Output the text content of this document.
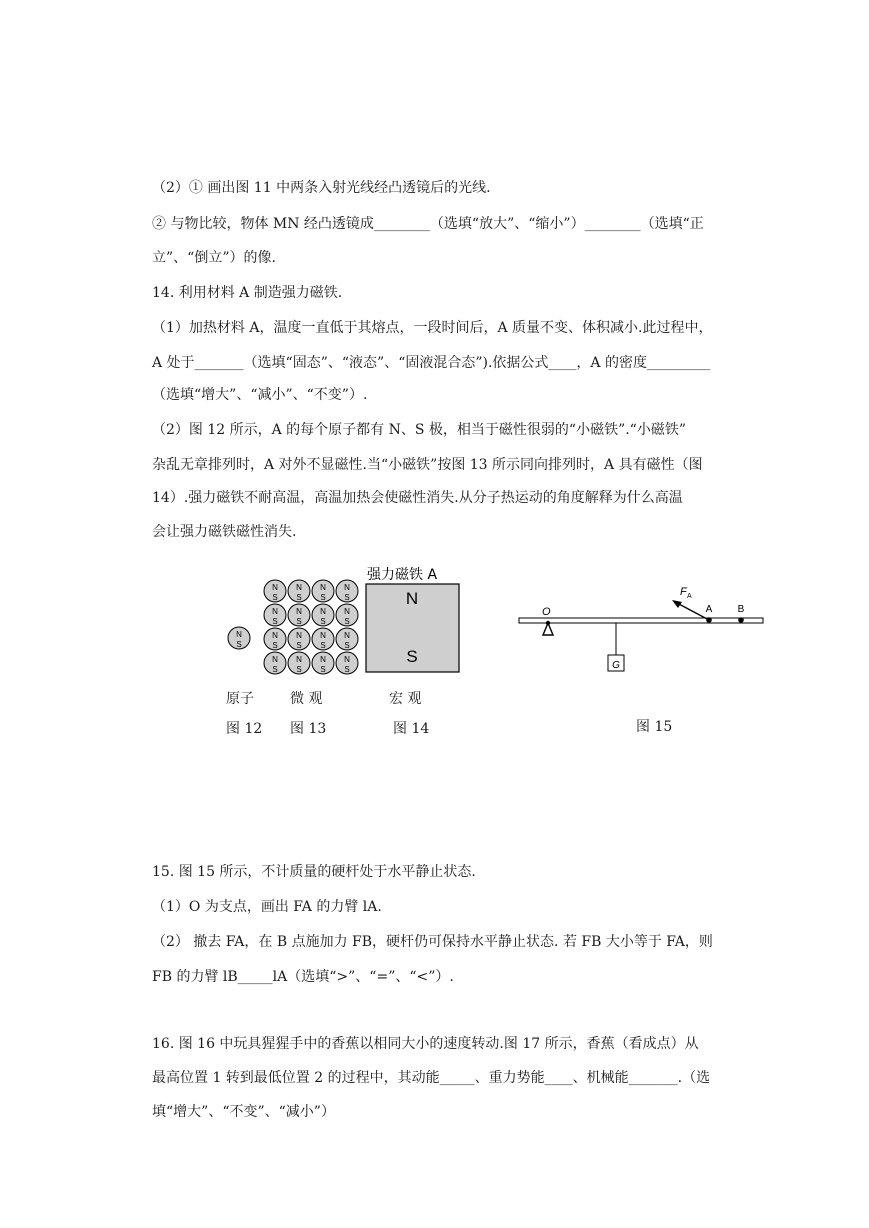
（2）① 画出图 11 中两条入射光线经凸透镜后的光线.
② 与物比较，物体 MN 经凸透镜成________（选填“放大”、“缩小”）________（选填“正
立”、“倒立”）的像.
14. 利用材料 A 制造强力磁铁.
（1）加热材料 A，温度一直低于其熔点，一段时间后，A 质量不变、体积减小.此过程中，
A 处于_______（选填“固态”、“液态”、“固液混合态”).依据公式____，A 的密度_________
（选填“增大”、“减小”、“不变”）.
（2）图 12 所示，A 的每个原子都有 N、S 极，相当于磁性很弱的“小磁铁”.“小磁铁”
杂乱无章排列时，A 对外不显磁性.当“小磁铁”按图 13 所示同向排列时，A 具有磁性（图
14）.强力磁铁不耐高温，高温加热会使磁性消失.从分子热运动的角度解释为什么高温
会让强力磁铁磁性消失.
N
S
N
S
N
S
N
S
N
S
N
S
N
S
N
S
N
S
N
S
N
S
N
S
N
S
N
S
N
S
N
S
N
S
强力磁铁 A
N
S
原子	微 观	宏 观
图 12 图 13	图 14
O
G
A	B
F A
图 15
15. 图 15 所示，不计质量的硬杆处于水平静止状态.
（1）O 为支点，画出 FA 的力臂 lA.
（2） 撤去 FA，在 B 点施加力 FB，硬杆仍可保持水平静止状态. 若 FB 大小等于 FA，则
FB 的力臂 lB_____lA（选填“>”、“=”、“<”）.
16. 图 16 中玩具猩猩手中的香蕉以相同大小的速度转动.图 17 所示，香蕉（看成点）从
最高位置 1 转到最低位置 2 的过程中，其动能_____、重力势能____、机械能_______.（选
填“增大”、“不变”、“减小”）
